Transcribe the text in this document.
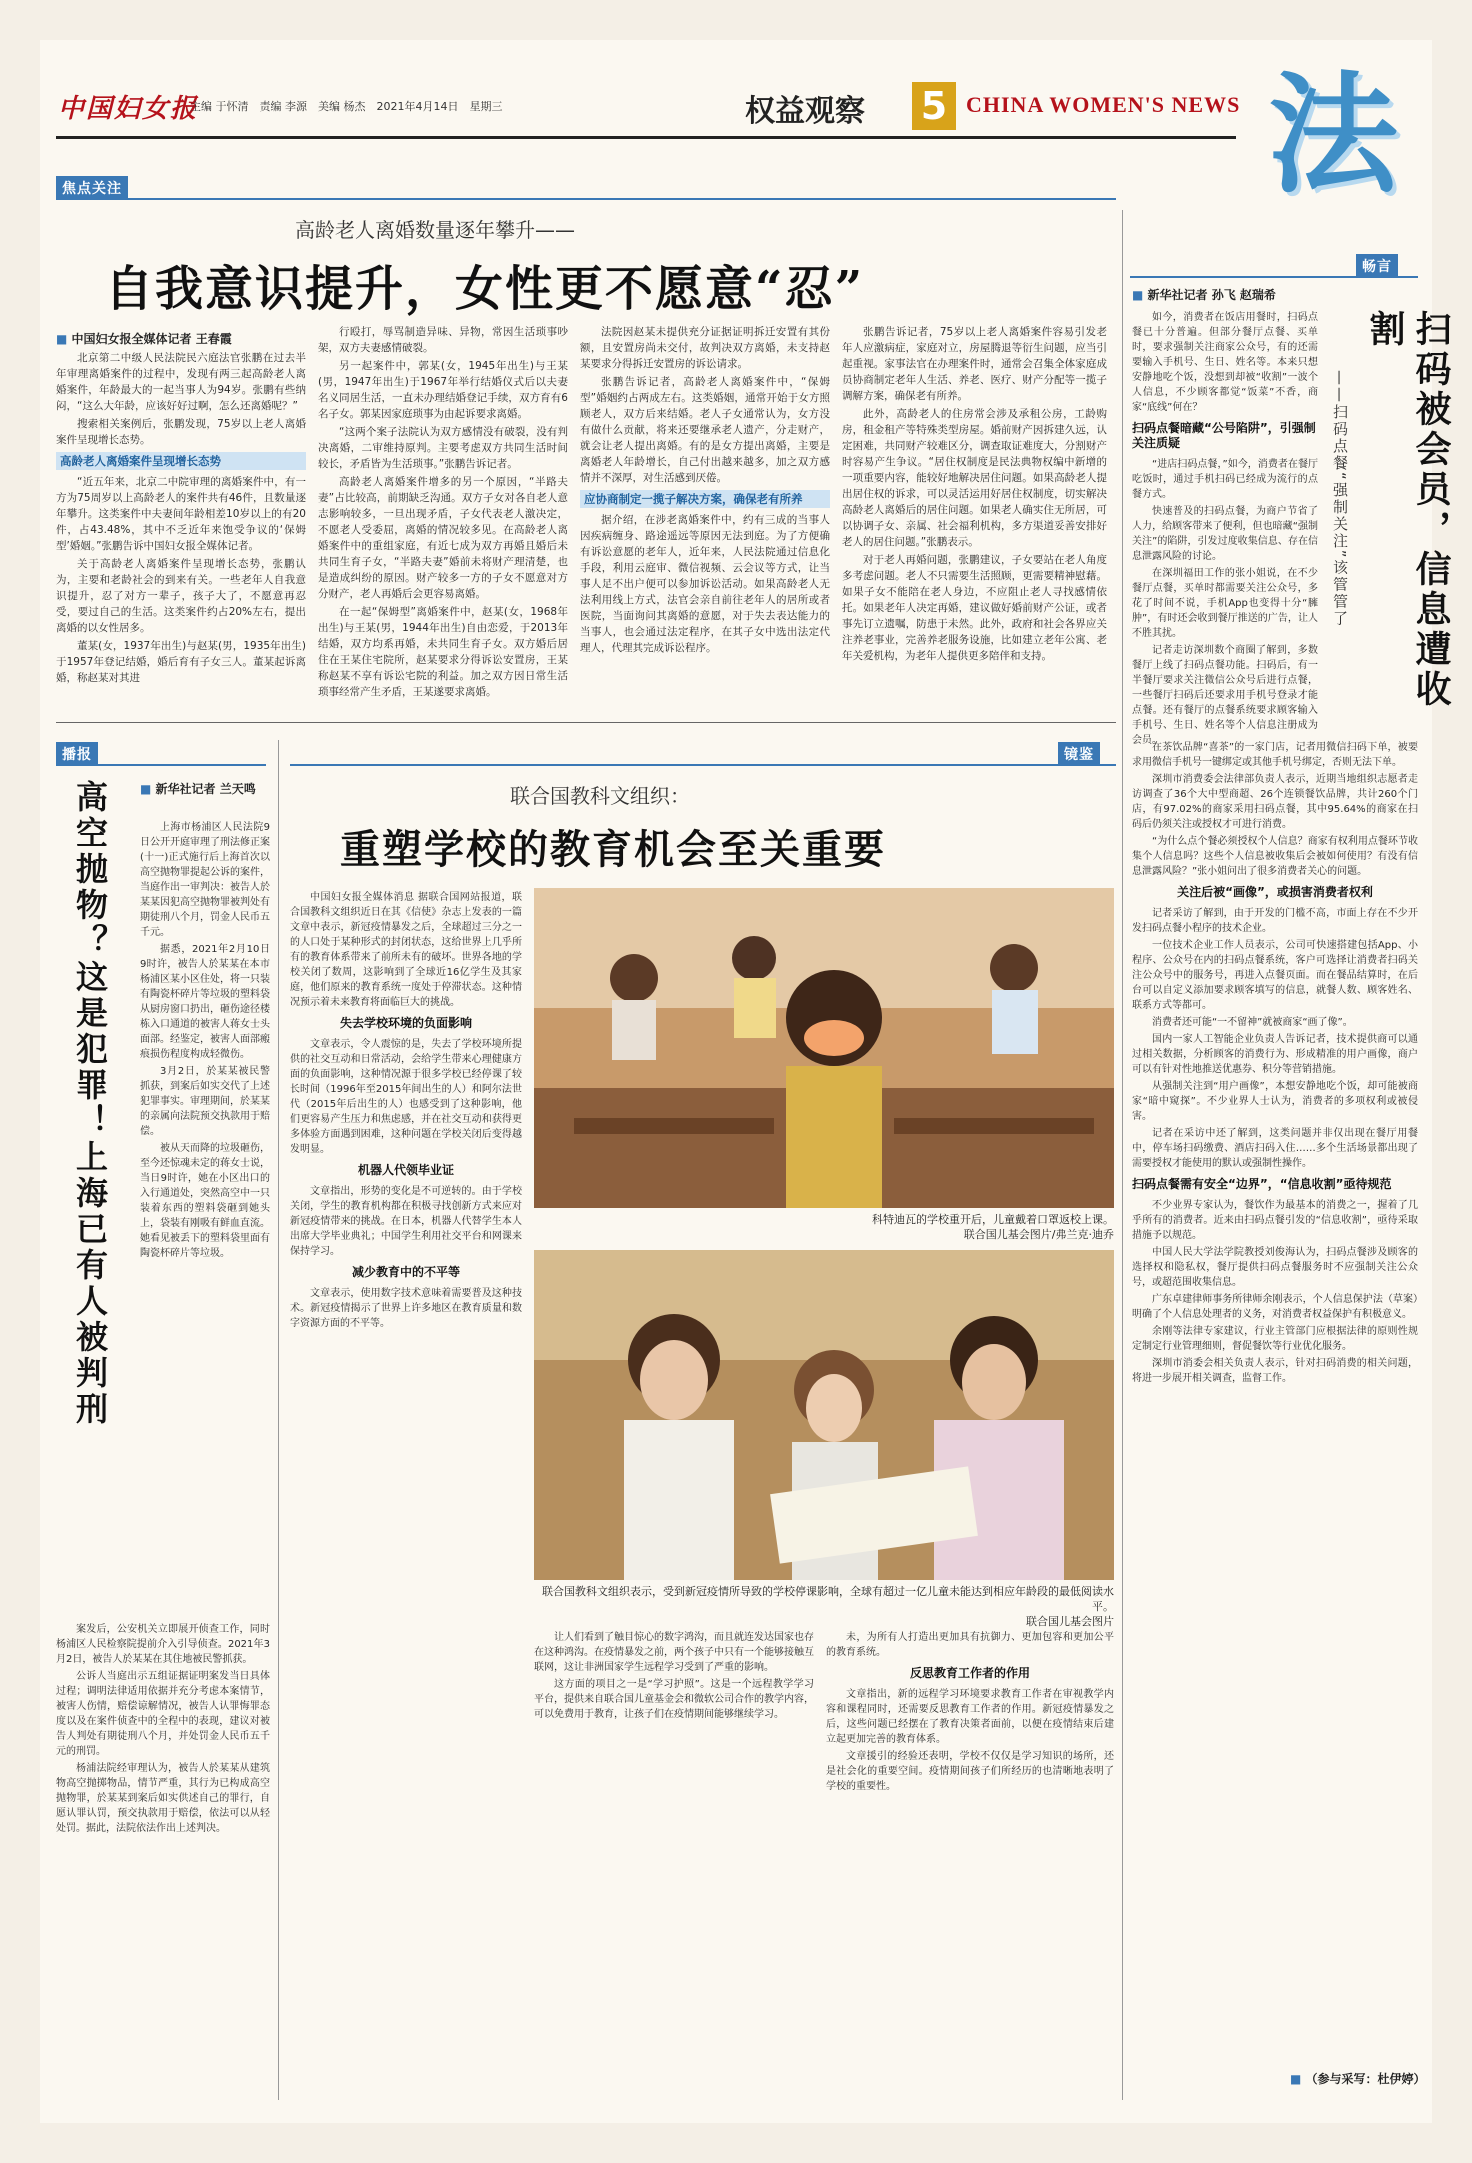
中国妇女报
主编 于怀清　责编 李源　美编 杨杰　2021年4月14日　星期三	权益观察 5 CHINA WOMEN'S NEWS 法
焦点关注
高龄老人离婚数量逐年攀升——
自我意识提升，女性更不愿意“忍”
■ 中国妇女报全媒体记者 王春霞

北京第二中级人民法院民六庭法官张鹏在过去半年审理离婚案件的过程中，发现有两三起高龄老人离婚案件，年龄最大的一起当事人为94岁。张鹏有些纳闷，“这么大年龄，应该好好过啊，怎么还离婚呢？”

搜索相关案例后，张鹏发现，75岁以上老人离婚案件呈现增长态势。

高龄老人离婚案件呈现增长态势

“近五年来，北京二中院审理的离婚案件中，有一方为75周岁以上高龄老人的案件共有46件，且数量逐年攀升。这类案件中夫妻间年龄相差10岁以上的有20件，占43.48%，其中不乏近年来饱受争议的‘保姆型’婚姻。”张鹏告诉中国妇女报全媒体记者。

关于高龄老人离婚案件呈现增长态势，张鹏认为，主要和老龄社会的到来有关。一些老年人自我意识提升，忍了对方一辈子，孩子大了，不愿意再忍受，要过自己的生活。这类案件约占20%左右，提出离婚的以女性居多。

董某(女，1937年出生)与赵某(男，1935年出生)于1957年登记结婚，婚后育有子女三人。董某起诉离婚，称赵某对其进

行殴打，辱骂制造异味、异物，常因生活琐事吵架，双方夫妻感情破裂。

另一起案件中，郭某(女，1945年出生)与王某(男，1947年出生)于1967年举行结婚仪式后以夫妻名义同居生活，一直未办理结婚登记手续，双方育有6名子女。郭某因家庭琐事为由起诉要求离婚。

“这两个案子法院认为双方感情没有破裂，没有判决离婚，二审维持原判。主要考虑双方共同生活时间较长，矛盾皆为生活琐事。”张鹏告诉记者。

高龄老人离婚案件增多的另一个原因，“半路夫妻”占比较高，前期缺乏沟通。双方子女对各自老人意志影响较多，一旦出现矛盾，子女代表老人激决定，不愿老人受委屈，离婚的情况较多见。在高龄老人离婚案件中的重组家庭，有近七成为双方再婚且婚后未共同生育子女，“半路夫妻”婚前未将财产理清楚，也是造成纠纷的原因。财产较多一方的子女不愿意对方分财产，老人再婚后会更容易离婚。

在一起“保姆型”离婚案件中，赵某(女，1968年出生)与王某(男，1944年出生)自由恋爱，于2013年结婚，双方均系再婚，未共同生育子女。双方婚后居住在王某住宅院所，赵某要求分得诉讼安置房，王某称赵某不享有诉讼宅院的利益。加之双方因日常生活琐事经常产生矛盾，王某遂要求离婚。

法院因赵某未提供充分证据证明拆迁安置有其份额，且安置房尚未交付，故判决双方离婚，未支持赵某要求分得拆迁安置房的诉讼请求。

张鹏告诉记者，高龄老人离婚案件中，“保姆型”婚姻约占两成左右。这类婚姻，通常开始于女方照顾老人，双方后来结婚。老人子女通常认为，女方没有做什么贡献，将来还要继承老人遗产，分走财产，就会让老人提出离婚。有的是女方提出离婚，主要是离婚老人年龄增长，自己付出越来越多，加之双方感情并不深厚，对生活感到厌倦。

应协商制定一揽子解决方案，确保老有所养

据介绍，在涉老离婚案件中，约有三成的当事人因疾病缠身、路途遥远等原因无法到庭。为了方便确有诉讼意愿的老年人，近年来，人民法院通过信息化手段，利用云庭审、微信视频、云会议等方式，让当事人足不出户便可以参加诉讼活动。如果高龄老人无法利用线上方式，法官会亲自前往老年人的居所或者医院，当面询问其离婚的意愿，对于失去表达能力的当事人，也会通过法定程序，在其子女中选出法定代理人，代理其完成诉讼程序。

张鹏告诉记者，75岁以上老人离婚案件容易引发老年人应激病症，家庭对立，房屋腾退等衍生问题，应当引起重视。家事法官在办理案件时，通常会召集全体家庭成员协商制定老年人生活、养老、医疗、财产分配等一揽子调解方案，确保老有所养。

此外，高龄老人的住房常会涉及承租公房，工龄购房，租金租产等特殊类型房屋。婚前财产因拆建久远，认定困难，共同财产较难区分，调查取证难度大，分割财产时容易产生争议。“居住权制度是民法典物权编中新增的一项重要内容，能较好地解决居住问题。如果高龄老人提出居住权的诉求，可以灵活运用好居住权制度，切实解决高龄老人离婚后的居住问题。如果老人确实住无所居，可以协调子女、亲属、社会福利机构，多方渠道妥善安排好老人的居住问题。”张鹏表示。

对于老人再婚问题，张鹏建议，子女要站在老人角度多考虑问题。老人不只需要生活照顾，更需要精神慰藉。如果子女不能陪在老人身边，不应阻止老人寻找感情依托。如果老年人决定再婚，建议做好婚前财产公证，或者事先订立遗嘱，防患于未然。此外，政府和社会各界应关注养老事业，完善养老服务设施，比如建立老年公寓、老年关爱机构，为老年人提供更多陪伴和支持。

播报
高空抛物？这是犯罪！上海已有人被判刑
■	新华社记者 兰天鸣

上海市杨浦区人民法院9日公开开庭审理了刑法修正案(十一)正式施行后上海首次以高空抛物罪提起公诉的案件，当庭作出一审判决：被告人於某某因犯高空抛物罪被判处有期徒刑八个月，罚金人民币五千元。

据悉，2021年2月10日9时许，被告人於某某在本市杨浦区某小区住处，将一只装有陶瓷杯碎片等垃圾的塑料袋从厨房窗口扔出，砸伤途径楼栋入口通道的被害人蒋女士头面部。经鉴定，被害人面部瘢痕损伤程度构成轻微伤。

3月2日，於某某被民警抓获，到案后如实交代了上述犯罪事实。审理期间，於某某的亲属向法院预交执款用于赔偿。

被从天而降的垃圾砸伤，至今还惊魂未定的蒋女士说，当日9时许，她在小区出口的入行通道处，突然高空中一只装着东西的塑料袋砸到她头上，袋装有刚吸有鲜血直流。她看见被丢下的塑料袋里面有陶瓷杯碎片等垃圾。

案发后，公安机关立即展开侦查工作，同时杨浦区人民检察院提前介入引导侦查。2021年3月2日，被告人於某某在其住地被民警抓获。

公诉人当庭出示五组证据证明案发当日具体过程；调明法律适用依据并充分考虑本案情节，被害人伤情，赔偿谅解情况，被告人认罪悔罪态度以及在案件侦查中的全程中的表现，建议对被告人判处有期徒刑八个月，并处罚金人民币五千元的刑罚。

杨浦法院经审理认为，被告人於某某从建筑物高空抛掷物品，情节严重，其行为已构成高空抛物罪，於某某到案后如实供述自己的罪行，自愿认罪认罚，预交执款用于赔偿，依法可以从轻处罚。据此，法院依法作出上述判决。

镜鉴
联合国教科文组织：
重塑学校的教育机会至关重要

中国妇女报全媒体消息 据联合国网站报道，联合国教科文组织近日在其《信使》杂志上发表的一篇文章中表示，新冠疫情暴发之后，全球超过三分之一的人口处于某种形式的封闭状态，这给世界上几乎所有的教育体系带来了前所未有的破坏。世界各地的学校关闭了数周，这影响到了全球近16亿学生及其家庭，他们原来的教育系统一度处于停滞状态。这种情况预示着未来教育将面临巨大的挑战。

失去学校环境的负面影响

文章表示，令人震惊的是，失去了学校环境所提供的社交互动和日常活动，会给学生带来心理健康方面的负面影响，这种情况源于很多学校已经停课了较长时间（1996年至2015年间出生的人）和阿尔法世代（2015年后出生的人）也感受到了这种影响，他们更容易产生压力和焦虑感，并在社交互动和获得更多体验方面遇到困难，这种问题在学校关闭后变得越发明显。

机器人代领毕业证

文章指出，形势的变化是不可逆转的。由于学校关闭，学生的教育机构都在积极寻找创新方式来应对新冠疫情带来的挑战。在日本，机器人代替学生本人出席大学毕业典礼；中国学生利用社交平台和网课来保持学习。

减少教育中的不平等

文章表示，使用数字技术意味着需要普及这种技术。新冠疫情揭示了世界上许多地区在教育质量和数字资源方面的不平等。

科特迪瓦的学校重开后，儿童戴着口罩返校上课。
联合国儿基会图片/弗兰克·迪乔
联合国教科文组织表示，受到新冠疫情所导致的学校停课影响，全球有超过一亿儿童未能达到相应年龄段的最低阅读水平。
联合国儿基会图片

让人们看到了触目惊心的数字鸿沟，而且就连发达国家也存在这种鸿沟。在疫情暴发之前，两个孩子中只有一个能够接触互联网，这让非洲国家学生远程学习受到了严重的影响。

这方面的项目之一是“学习护照”。这是一个远程教学学习平台，提供来自联合国儿童基金会和微软公司合作的教学内容，可以免费用于教育，让孩子们在疫情期间能够继续学习。

未，为所有人打造出更加具有抗御力、更加包容和更加公平的教育系统。

反思教育工作者的作用

文章指出，新的远程学习环境要求教育工作者在审视教学内容和课程同时，还需要反思教育工作者的作用。新冠疫情暴发之后，这些问题已经摆在了教育决策者面前，以便在疫情结束后建立起更加完善的教育体系。

文章援引的经验还表明，学校不仅仅是学习知识的场所，还是社会化的重要空间。疫情期间孩子们所经历的也清晰地表明了学校的重要性。

畅言
■ 新华社记者 孙飞 赵瑞希
扫码被会员，信息遭收割
——扫码点餐“强制关注”该管管了

如今，消费者在饭店用餐时，扫码点餐已十分普遍。但部分餐厅点餐、买单时，要求强制关注商家公众号，有的还需要输入手机号、生日、姓名等。本来只想安静地吃个饭，没想到却被“收割”一波个人信息，不少顾客都觉“饭菜”不香，商家“底线”何在？

扫码点餐暗藏“公号陷阱”，引强制关注质疑

“进店扫码点餐，”如今，消费者在餐厅吃饭时，通过手机扫码已经成为流行的点餐方式。

快速普及的扫码点餐，为商户节省了人力，给顾客带来了便利，但也暗藏“强制关注”的陷阱，引发过度收集信息、存在信息泄露风险的讨论。

在深圳福田工作的张小姐说，在不少餐厅点餐，买单时都需要关注公众号，多花了时间不说，手机App也变得十分“臃肿”，有时还会收到餐厅推送的广告，让人不胜其扰。

记者走访深圳数个商圈了解到，多数餐厅上线了扫码点餐功能。扫码后，有一半餐厅要求关注微信公众号后进行点餐，一些餐厅扫码后还要求用手机号登录才能点餐。还有餐厅的点餐系统要求顾客输入手机号、生日、姓名等个人信息注册成为会员。

在茶饮品牌“喜茶”的一家门店，记者用微信扫码下单，被要求用微信手机号一键绑定或其他手机号绑定，否则无法下单。

深圳市消费委会法律部负责人表示，近期当地组织志愿者走访调查了36个大中型商超、26个连锁餐饮品牌，共计260个门店，有97.02%的商家采用扫码点餐，其中95.64%的商家在扫码后仍须关注或授权才可进行消费。

“为什么点个餐必须授权个人信息？商家有权利用点餐环节收集个人信息吗？这些个人信息被收集后会被如何使用？有没有信息泄露风险？”张小姐问出了很多消费者关心的问题。

关注后被“画像”，或损害消费者权利

记者采访了解到，由于开发的门槛不高，市面上存在不少开发扫码点餐小程序的技术企业。

一位技术企业工作人员表示，公司可快速搭建包括App、小程序、公众号在内的扫码点餐系统，客户可选择让消费者扫码关注公众号中的服务号，再进入点餐页面。而在餐品结算时，在后台可以自定义添加要求顾客填写的信息，就餐人数、顾客姓名、联系方式等都可。

消费者还可能“一不留神”就被商家“画了像”。

国内一家人工智能企业负责人告诉记者，技术提供商可以通过相关数据，分析顾客的消费行为、形成精准的用户画像，商户可以有针对性地推送优惠券、积分等营销措施。

从强制关注到“用户画像”，本想安静地吃个饭，却可能被商家“暗中窥探”。不少业界人士认为，消费者的多项权利或被侵害。

记者在采访中还了解到，这类问题并非仅出现在餐厅用餐中，停车场扫码缴费、酒店扫码入住……多个生活场景都出现了需要授权才能使用的默认或强制性操作。

扫码点餐需有安全“边界”，“信息收割”亟待规范

不少业界专家认为，餐饮作为最基本的消费之一，握着了几乎所有的消费者。近来由扫码点餐引发的“信息收割”，亟待采取措施予以规范。

中国人民大学法学院教授刘俊海认为，扫码点餐涉及顾客的选择权和隐私权，餐厅提供扫码点餐服务时不应强制关注公众号，或超范围收集信息。

广东卓建律师事务所律师余刚表示，个人信息保护法（草案）明确了个人信息处理者的义务，对消费者权益保护有积极意义。

余刚等法律专家建议，行业主管部门应根据法律的原则性规定制定行业管理细则，督促餐饮等行业优化服务。

深圳市消委会相关负责人表示，针对扫码消费的相关问题，将进一步展开相关调查，监督工作。

■ （参与采写：杜伊婷）
